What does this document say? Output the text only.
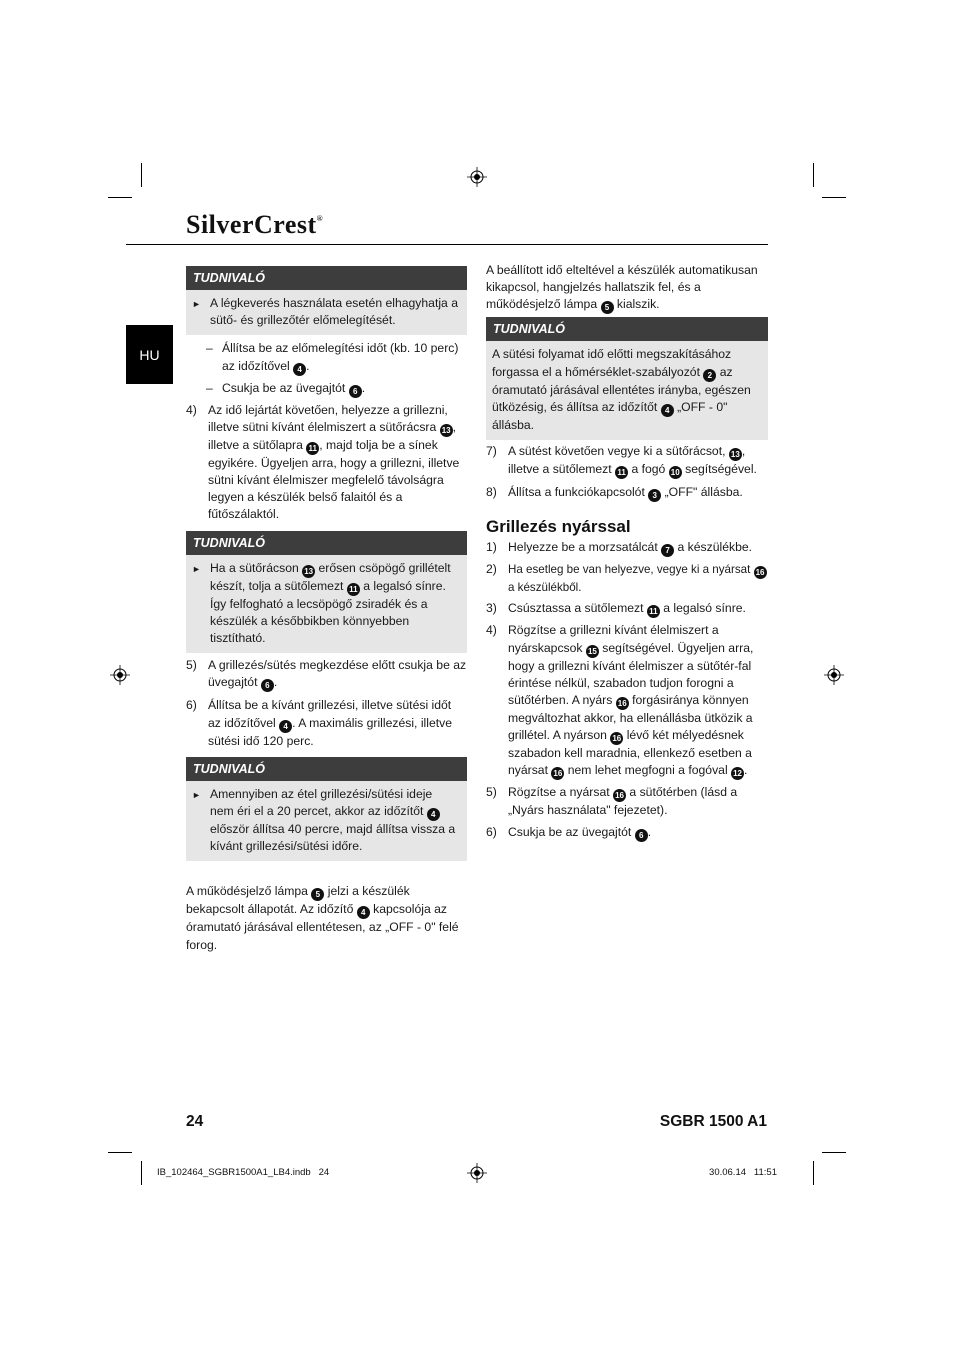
SilverCrest®
HU
TUDNIVALÓ
► A légkeverés használata esetén elhagyhatja a sütő- és grillezőtér előmelegítését.
– Állítsa be az előmelegítési időt (kb. 10 perc) az időzítővel 4 .
– Csukja be az üvegajtót 6 .
4) Az idő lejártát követően, helyezze a grillezni, illetve sütni kívánt élelmiszert a sütőrácsra 13 , illetve a sütőlapra 11 , majd tolja be a sínek egyikére. Ügyeljen arra, hogy a grillezni, illetve sütni kívánt élelmiszer megfelelő távolságra legyen a készülék belső falaitól és a fűtőszálaktól.
TUDNIVALÓ
► Ha a sütőrácson 13 erősen csöpögő grillételt készít, tolja a sütőlemezt 11 a legalsó sínre. Így felfogható a lecsöpögő zsiradék és a készülék a későbbikben könnyebben tisztítható.
5) A grillezés/sütés megkezdése előtt csukja be az üvegajtót 6 .
6) Állítsa be a kívánt grillezési, illetve sütési időt az időzítővel 4 . A maximális grillezési, illetve sütési idő 120 perc.
TUDNIVALÓ
► Amennyiben az étel grillezési/sütési ideje nem éri el a 20 percet, akkor az időzítőt 4 először állítsa 40 percre, majd állítsa vissza a kívánt grillezési/sütési időre.

A működésjelző lámpa 5 jelzi a készülék bekapcsolt állapotát. Az időzítő 4 kapcsolója az óramutató járásával ellentétesen, az „OFF - 0" felé forog.

A beállított idő elteltével a készülék automatikusan kikapcsol, hangjelzés hallatszik fel, és a működésjelző lámpa 5 kialszik.

TUDNIVALÓ
A sütési folyamat idő előtti megszakításához forgassa el a hőmérséklet-szabályozót 2 az óramutató járásával ellentétes irányba, egészen ütközésig, és állítsa az időzítőt 4 „OFF - 0" állásba.
7) A sütést követően vegye ki a sütőrácsot, 13 , illetve a sütőlemezt 11 a fogó 10 segítségével.
8) Állítsa a funkciókapcsolót 3 „OFF" állásba.
Grillezés nyárssal
1) Helyezze be a morzsatálcát 7 a készülékbe.
2) Ha esetleg be van helyezve, vegye ki a nyársat 16 a készülékből.
3) Csúsztassa a sütőlemezt 11 a legalsó sínre.
4) Rögzítse a grillezni kívánt élelmiszert a nyárskapcsok 15 segítségével. Ügyeljen arra, hogy a grillezni kívánt élelmiszer a sütőtér-fal érintése nélkül, szabadon tudjon forogni a sütőtérben. A nyárs 16 forgásiránya könnyen megváltozhat akkor, ha ellenállásba ütközik a grillétel. A nyárson 16 lévő két mélyedésnek szabadon kell maradnia, ellenkező esetben a nyársat 16 nem lehet megfogni a fogóval 12 .
5) Rögzítse a nyársat 16 a sütőtérben (lásd a „Nyárs használata" fejezetet).
6) Csukja be az üvegajtót 6 .
24	SGBR 1500 A1
IB_102464_SGBR1500A1_LB4.indb   24	30.06.14   11:51
